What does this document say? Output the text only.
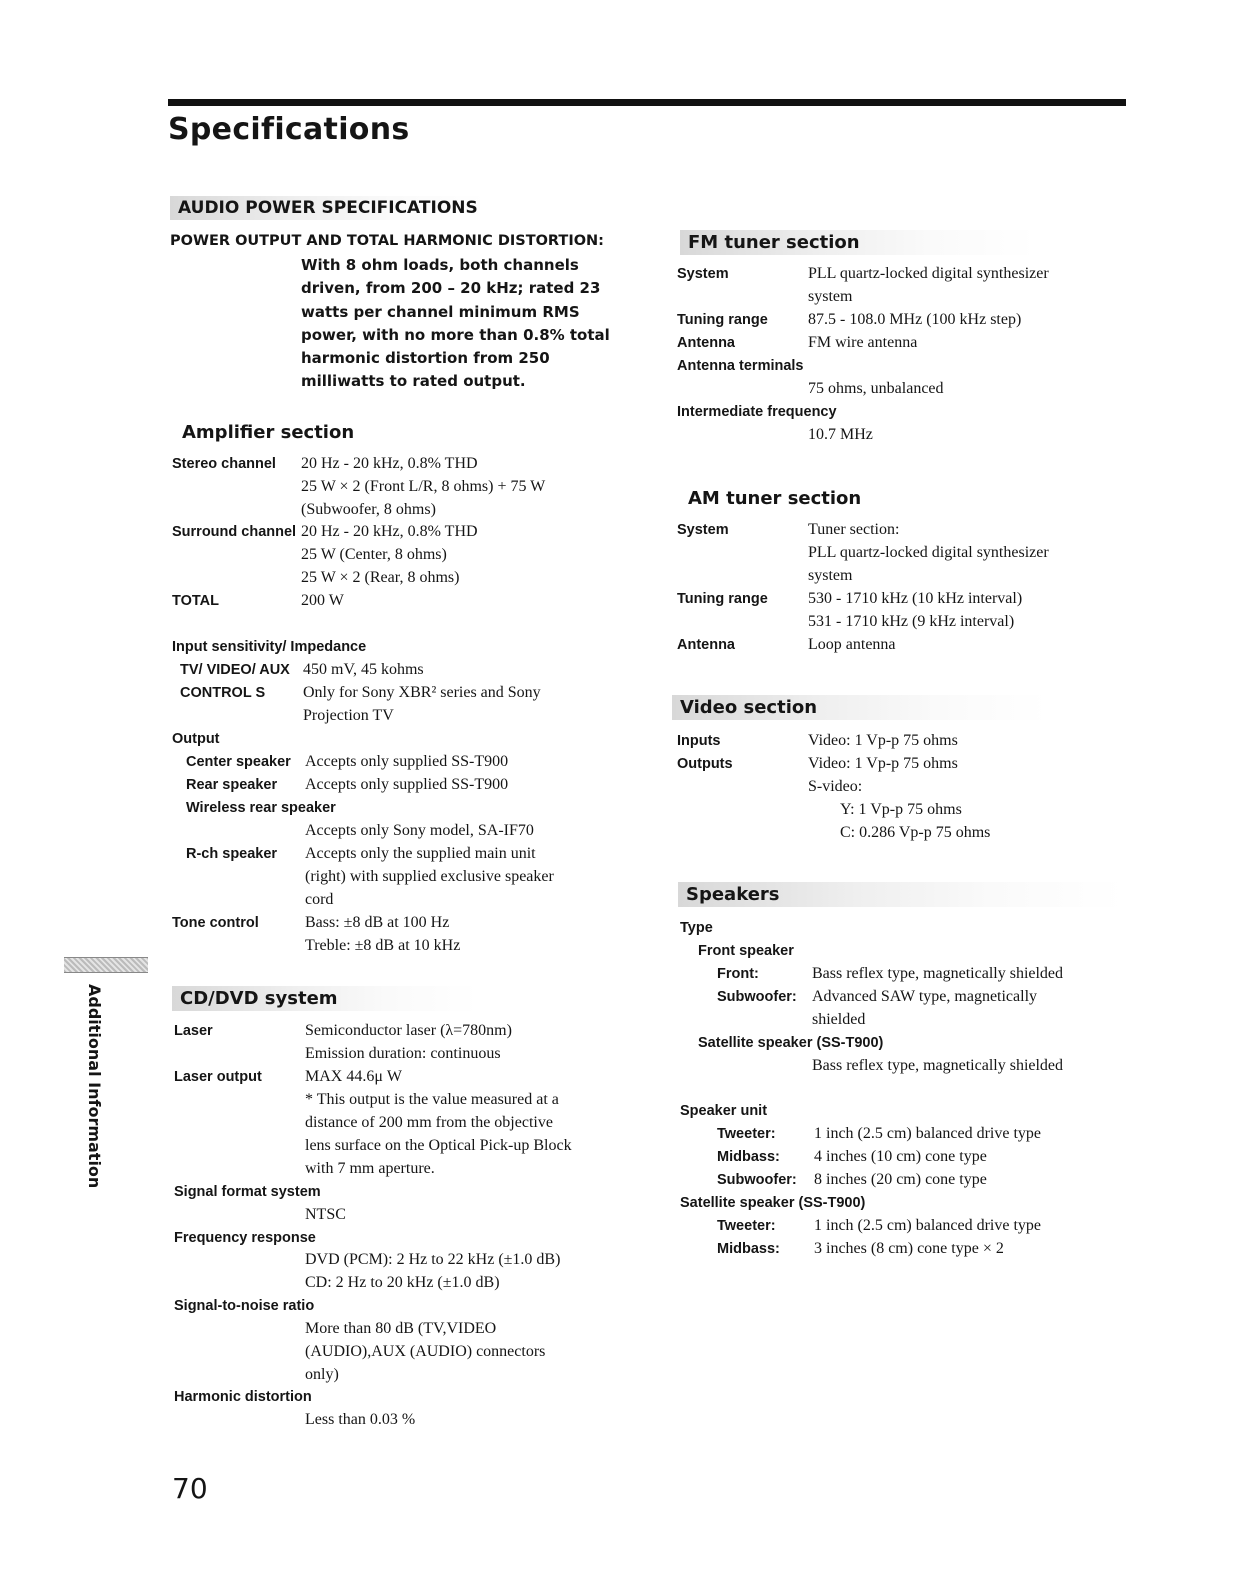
Specifications
AUDIO POWER SPECIFICATIONS
POWER OUTPUT AND TOTAL HARMONIC DISTORTION:
With 8 ohm loads, both channels
driven, from 200 – 20 kHz; rated 23
watts per channel minimum RMS
power, with no more than 0.8% total
harmonic distortion from 250
milliwatts to rated output.
Amplifier section
Stereo channel 20 Hz - 20 kHz, 0.8% THD
25 W × 2 (Front L/R, 8 ohms) + 75 W
(Subwoofer, 8 ohms)
Surround channel 20 Hz - 20 kHz, 0.8% THD
25 W (Center, 8 ohms)
25 W × 2 (Rear, 8 ohms)
TOTAL	200 W
Input sensitivity/ Impedance
TV/ VIDEO/ AUX 450 mV, 45 kohms
CONTROL S Only for Sony XBR² series and Sony
Projection TV
Output
Center speaker Accepts only supplied SS-T900
Rear speaker Accepts only supplied SS-T900
Wireless rear speaker
Accepts only Sony model, SA-IF70
R-ch speaker Accepts only the supplied main unit
(right) with supplied exclusive speaker
cord
Tone control	Bass: ±8 dB at 100 Hz
Treble: ±8 dB at 10 kHz
CD/DVD system
Laser	Semiconductor laser (λ=780nm)
Emission duration: continuous
Laser output	MAX 44.6μ W
* This output is the value measured at a
distance of 200 mm from the objective
lens surface on the Optical Pick-up Block
with 7 mm aperture.
Signal format system
NTSC
Frequency response
DVD (PCM): 2 Hz to 22 kHz (±1.0 dB)
CD: 2 Hz to 20 kHz (±1.0 dB)
Signal-to-noise ratio
More than 80 dB (TV,VIDEO
(AUDIO),AUX (AUDIO) connectors
only)
Harmonic distortion
Less than 0.03 %
FM tuner section
System	PLL quartz-locked digital synthesizer
system
Tuning range	87.5 - 108.0 MHz (100 kHz step)
Antenna	FM wire antenna
Antenna terminals
75 ohms, unbalanced
Intermediate frequency
10.7 MHz
AM tuner section
System	Tuner section:
PLL quartz-locked digital synthesizer
system
Tuning range	530 - 1710 kHz (10 kHz interval)
531 - 1710 kHz (9 kHz interval)
Antenna	Loop antenna
Video section
Inputs	Video: 1 Vp-p 75 ohms
Outputs	Video: 1 Vp-p 75 ohms
S-video:
Y: 1 Vp-p 75 ohms
C: 0.286 Vp-p 75 ohms
Speakers
Type
Front speaker
Front:	Bass reflex type, magnetically shielded
Subwoofer: Advanced SAW type, magnetically
shielded
Satellite speaker (SS-T900)
Bass reflex type, magnetically shielded
Speaker unit
Tweeter: 1 inch (2.5 cm) balanced drive type
Midbass: 4 inches (10 cm) cone type
Subwoofer: 8 inches (20 cm) cone type
Satellite speaker (SS-T900)
Tweeter: 1 inch (2.5 cm) balanced drive type
Midbass: 3 inches (8 cm) cone type × 2
Additional Information
70
